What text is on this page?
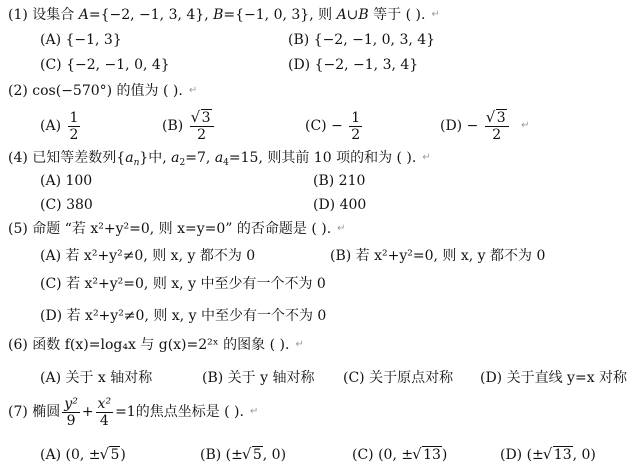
(1) 设集合 A={−2, −1, 3, 4}, B={−1, 0, 3}, 则 A∪B 等于 ( ). ↵
(A) {−1, 3}	(B) {−2, −1, 0, 3, 4}
(C) {−2, −1, 0, 4}	(D) {−2, −1, 3, 4}
(2) cos(−570°) 的值为 ( ). ↵
$(A) \frac{1}{2}$	(B) √ $\frac{3}{2}$	$(C) - \frac{1}{2}$	(D) − √ $\frac{3}{2}$ ↵
(4) 已知等差数列$\{a_n\}$中, $a_2=7$, $a_4=15$, 则其前 10 项的和为 ( ). ↵
(A) 100	(B) 210
(C) 380	(D) 400
(5) 命题 “若 x²+y²=0, 则 x=y=0” 的否命题是 ( ). ↵
(A) 若 x²+y²≠0, 则 x, y 都不为 0	(B) 若 x²+y²=0, 则 x, y 都不为 0
(C) 若 x²+y²=0, 则 x, y 中至少有一个不为 0
(D) 若 x²+y²≠0, 则 x, y 中至少有一个不为 0
(6) 函数 f(x)=log₄x 与 g(x)=2²ˣ 的图象 ( ). ↵
(A) 关于 x 轴对称	(B) 关于 y 轴对称 (C) 关于原点对称 (D) 关于直线 y=x 对称
(7) 椭圆 $\frac{\text{y²}}{9} + \frac{\text{x²}}{4} =1$的焦点坐标是 ( ). ↵
(A) (0, ± √ 5)	(B) (± √ 5, 0)	(C) (0, ± √ 13)	(D) (± √ 13, 0)
